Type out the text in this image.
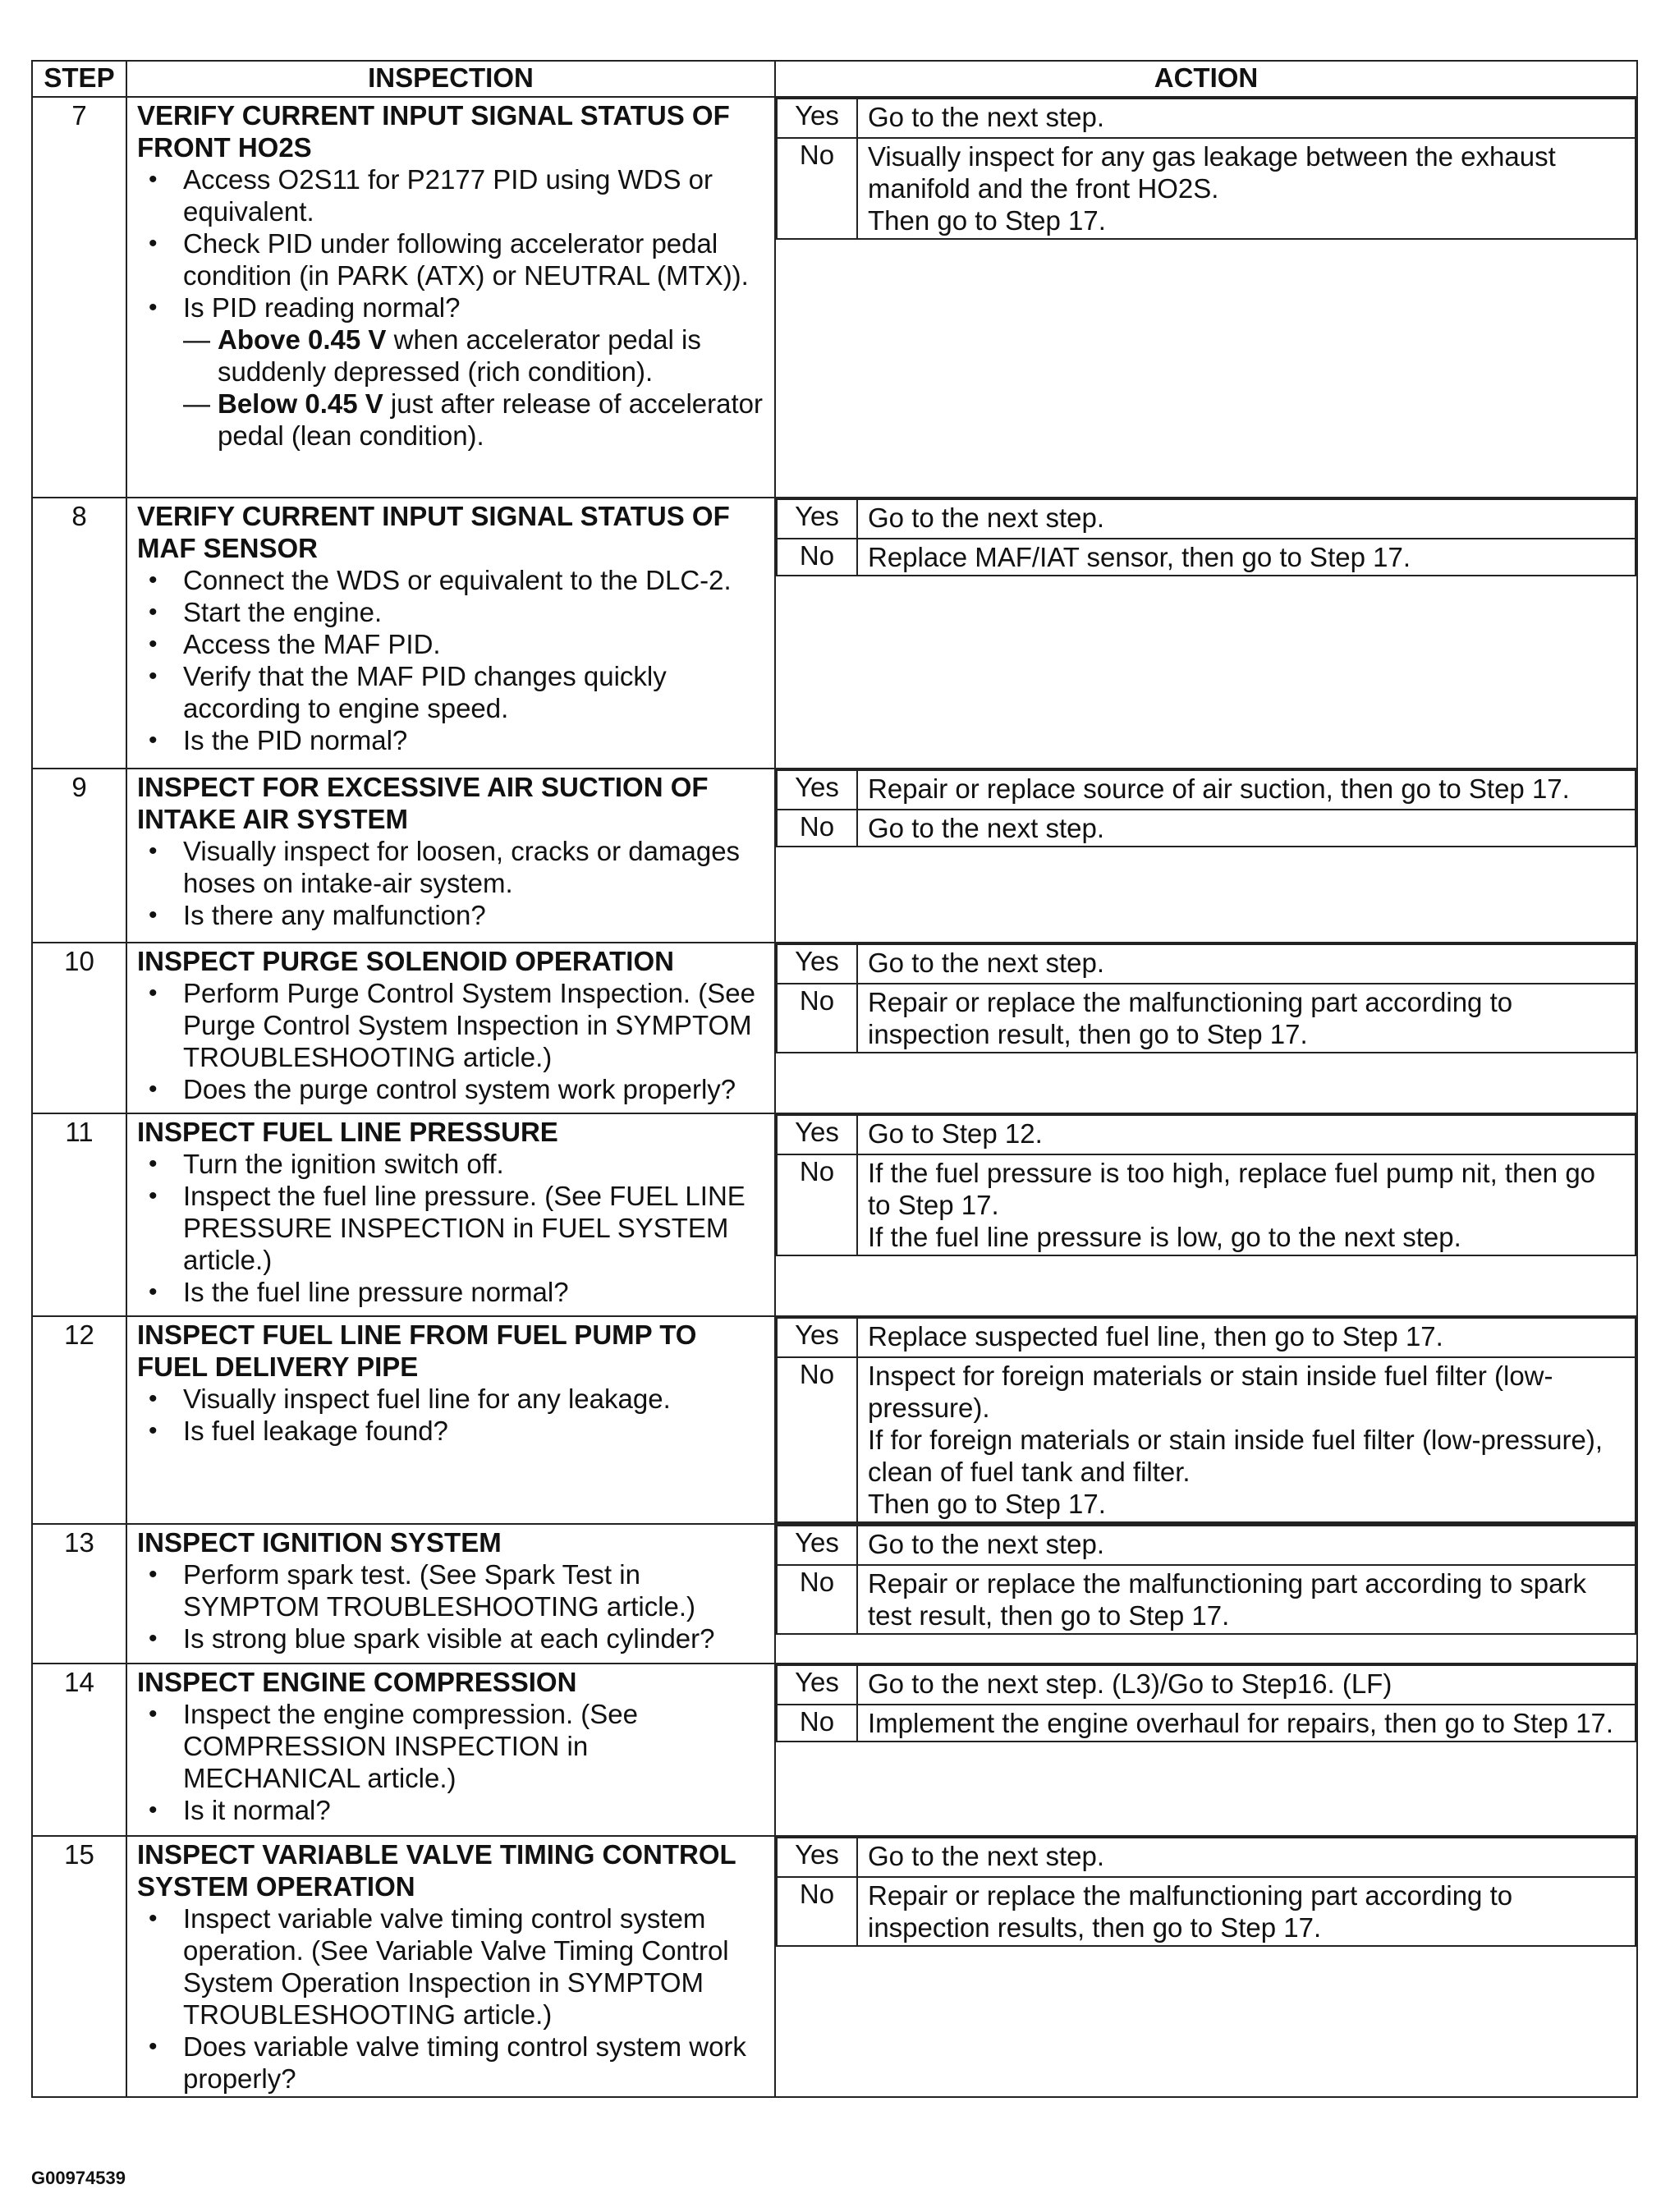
STEP	INSPECTION	ACTION
7	VERIFY CURRENT INPUT SIGNAL STATUS OF FRONT HO2S
• Access O2S11 for P2177 PID using WDS or equivalent.
• Check PID under following accelerator pedal condition (in PARK (ATX) or NEUTRAL (MTX)).
• Is PID reading normal?
— Above 0.45 V when accelerator pedal is suddenly depressed (rich condition).
— Below 0.45 V just after release of accelerator pedal (lean condition).

Yes	Go to the next step.
No	Visually inspect for any gas leakage between the exhaust manifold and the front HO2S.
Then go to Step 17.

8	VERIFY CURRENT INPUT SIGNAL STATUS OF MAF SENSOR
• Connect the WDS or equivalent to the DLC-2.
• Start the engine.
• Access the MAF PID.
• Verify that the MAF PID changes quickly according to engine speed.
• Is the PID normal?

Yes	Go to the next step.
No	Replace MAF/IAT sensor, then go to Step 17.

9	INSPECT FOR EXCESSIVE AIR SUCTION OF INTAKE AIR SYSTEM
• Visually inspect for loosen, cracks or damages hoses on intake-air system.
• Is there any malfunction?

Yes	Repair or replace source of air suction, then go to Step 17.
No	Go to the next step.

10	INSPECT PURGE SOLENOID OPERATION
• Perform Purge Control System Inspection. (See Purge Control System Inspection in SYMPTOM TROUBLESHOOTING article.)
• Does the purge control system work properly?

Yes	Go to the next step.
No	Repair or replace the malfunctioning part according to inspection result, then go to Step 17.

11	INSPECT FUEL LINE PRESSURE
• Turn the ignition switch off.
• Inspect the fuel line pressure. (See FUEL LINE PRESSURE INSPECTION in FUEL SYSTEM article.)
• Is the fuel line pressure normal?

Yes	Go to Step 12.
No	If the fuel pressure is too high, replace fuel pump nit, then go to Step 17.
If the fuel line pressure is low, go to the next step.

12	INSPECT FUEL LINE FROM FUEL PUMP TO FUEL DELIVERY PIPE
• Visually inspect fuel line for any leakage.
• Is fuel leakage found?

Yes	Replace suspected fuel line, then go to Step 17.
No	Inspect for foreign materials or stain inside fuel filter (low-pressure).
If for foreign materials or stain inside fuel filter (low-pressure), clean of fuel tank and filter.
Then go to Step 17.

13	INSPECT IGNITION SYSTEM
• Perform spark test. (See Spark Test in SYMPTOM TROUBLESHOOTING article.)
• Is strong blue spark visible at each cylinder?

Yes	Go to the next step.
No	Repair or replace the malfunctioning part according to spark test result, then go to Step 17.

14	INSPECT ENGINE COMPRESSION
• Inspect the engine compression. (See COMPRESSION INSPECTION in MECHANICAL article.)
• Is it normal?

Yes	Go to the next step. (L3)/Go to Step16. (LF)
No	Implement the engine overhaul for repairs, then go to Step 17.

15	INSPECT VARIABLE VALVE TIMING CONTROL SYSTEM OPERATION
• Inspect variable valve timing control system operation. (See Variable Valve Timing Control System Operation Inspection in SYMPTOM TROUBLESHOOTING article.)
• Does variable valve timing control system work properly?

Yes	Go to the next step.
No	Repair or replace the malfunctioning part according to inspection results, then go to Step 17.
G00974539
